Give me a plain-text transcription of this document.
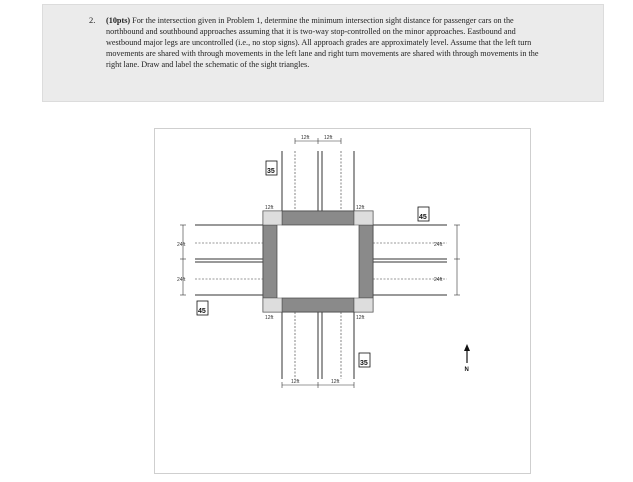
2. (10pts) For the intersection given in Problem 1, determine the minimum intersection sight distance for passenger cars on the northbound and southbound approaches assuming that it is two-way stop-controlled on the minor approaches. Eastbound and westbound major legs are uncontrolled (i.e., no stop signs). All approach grades are approximately level. Assume that the left turn movements are shared with through movements in the left lane and right turn movements are shared with through movements in the right lane. Draw and label the schematic of the sight triangles.
12ft	12ft
12ft	12ft
24ft
24ft
24ft
24ft
12ft	12ft
12ft	12ft
35
35
45
45
N
